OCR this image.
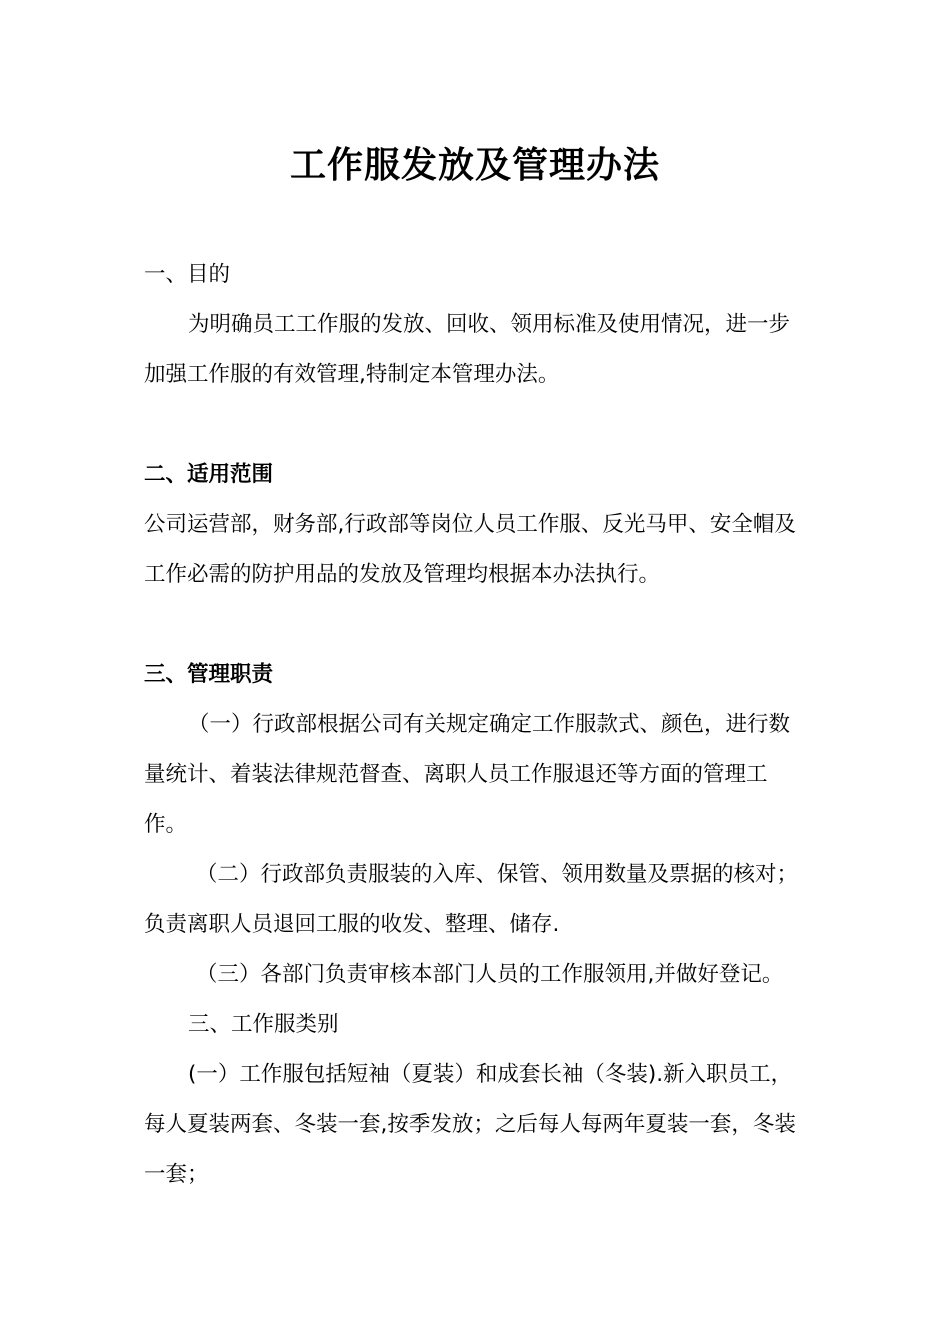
工作服发放及管理办法

一、目的

为明确员工工作服的发放、回收、领用标准及使用情况，进一步加强工作服的有效管理,特制定本管理办法。

二、适用范围

公司运营部，财务部,行政部等岗位人员工作服、反光马甲、安全帽及工作必需的防护用品的发放及管理均根据本办法执行。

三、管理职责

（一）行政部根据公司有关规定确定工作服款式、颜色，进行数量统计、着装法律规范督查、离职人员工作服退还等方面的管理工作。

（二）行政部负责服装的入库、保管、领用数量及票据的核对；负责离职人员退回工服的收发、整理、储存.

（三）各部门负责审核本部门人员的工作服领用,并做好登记。

三、工作服类别

(一）工作服包括短袖（夏装）和成套长袖（冬装).新入职员工，每人夏装两套、冬装一套,按季发放；之后每人每两年夏装一套，冬装一套；
